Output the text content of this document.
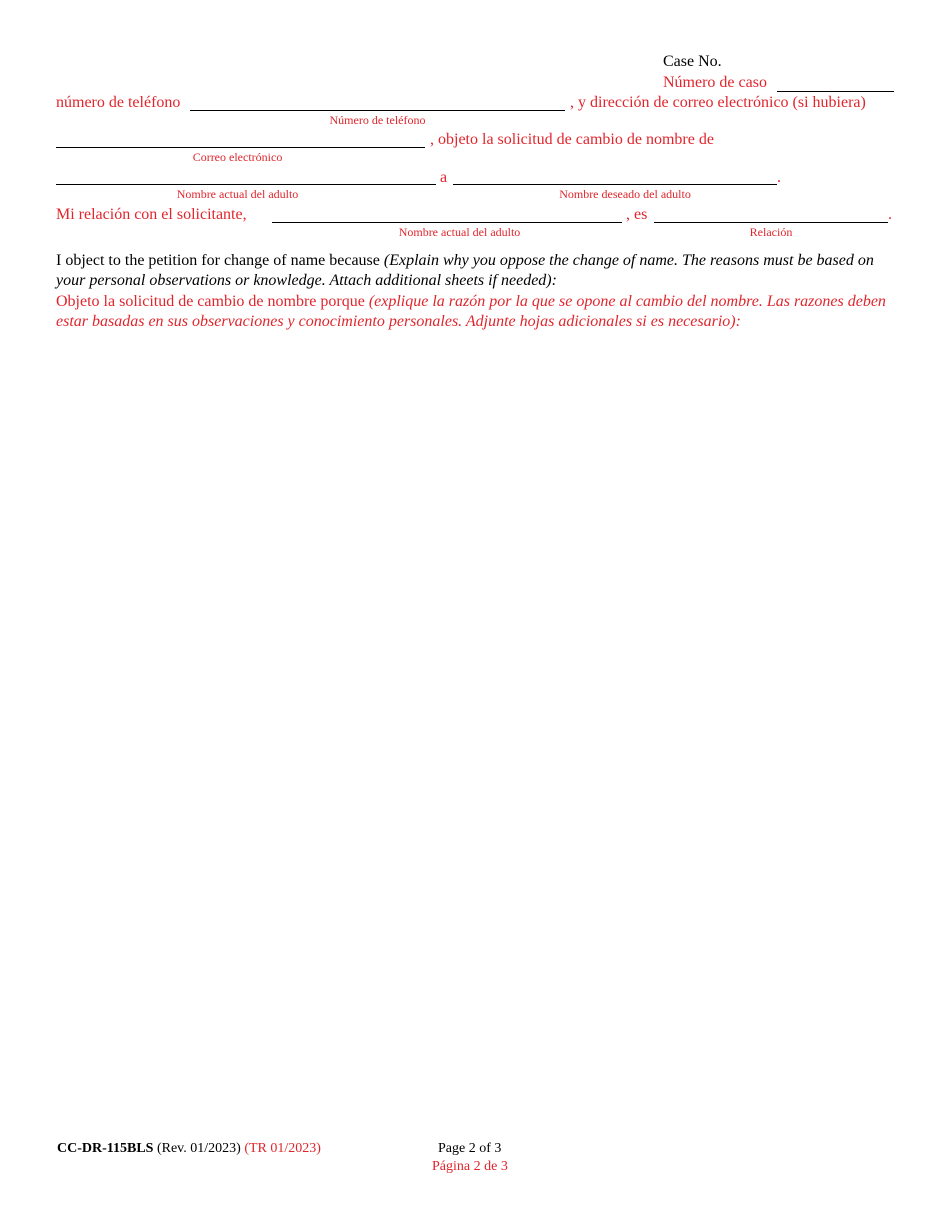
Case No.
Número de caso
número de teléfono	, y dirección de correo electrónico (si hubiera)
Número de teléfono
, objeto la solicitud de cambio de nombre de
Correo electrónico
a	.
Nombre actual del adulto	Nombre deseado del adulto
Mi relación con el solicitante,	, es	.
Nombre actual del adulto	Relación
I object to the petition for change of name because (Explain why you oppose the change of name. The reasons must be based on your personal observations or knowledge. Attach additional sheets if needed):
Objeto la solicitud de cambio de nombre porque (explique la razón por la que se opone al cambio del nombre. Las razones deben estar basadas en sus observaciones y conocimiento personales. Adjunte hojas adicionales si es necesario):
CC-DR-115BLS (Rev. 01/2023) (TR 01/2023)	Page 2 of 3
Página 2 de 3
